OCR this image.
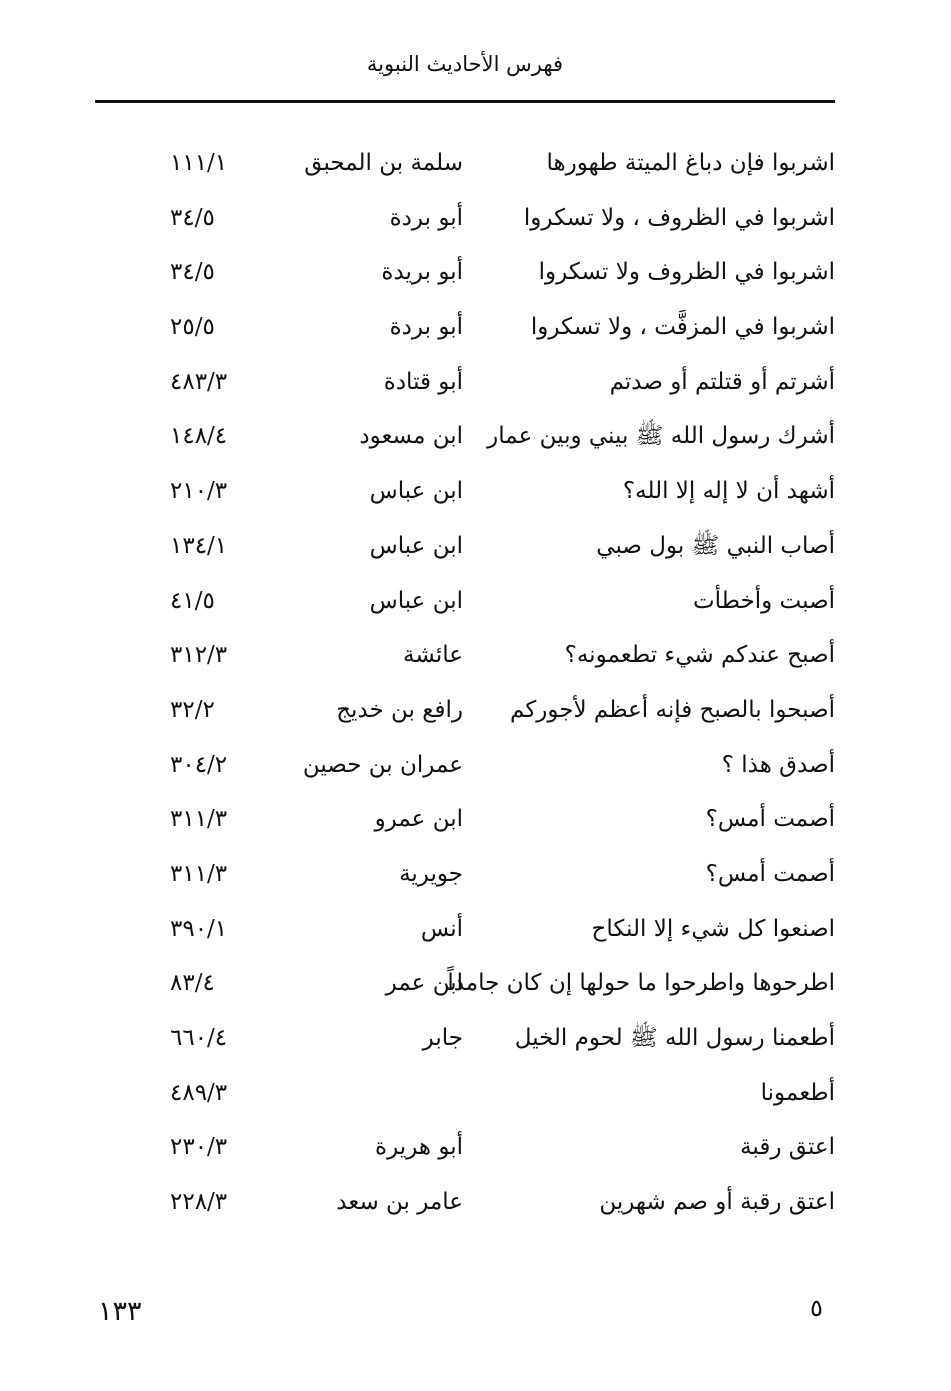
فهرس الأحاديث النبوية
اشربوا فإن دباغ الميتة طهورها
سلمة بن المحبق
١١١/١
اشربوا في الظروف ، ولا تسكروا
أبو بردة
٣٤/٥
اشربوا في الظروف ولا تسكروا
أبو بريدة
٣٤/٥
اشربوا في المزفَّت ، ولا تسكروا
أبو بردة
٢٥/٥
أشرتم أو قتلتم أو صدتم
أبو قتادة
٤٨٣/٣
أشرك رسول الله ﷺ بيني وبين عمار
ابن مسعود
١٤٨/٤
أشهد أن لا إله إلا الله؟
ابن عباس
٢١٠/٣
أصاب النبي ﷺ بول صبي
ابن عباس
١٣٤/١
أصبت وأخطأت
ابن عباس
٤١/٥
أصبح عندكم شيء تطعمونه؟
عائشة
٣١٢/٣
أصبحوا بالصبح فإنه أعظم لأجوركم
رافع بن خديج
٣٢/٢
أصدق هذا ؟
عمران بن حصين
٣٠٤/٢
أصمت أمس؟
ابن عمرو
٣١١/٣
أصمت أمس؟
جويرية
٣١١/٣
اصنعوا كل شيء إلا النكاح
أنس
٣٩٠/١
اطرحوها واطرحوا ما حولها إن كان جامداً
ابن عمر
٨٣/٤
أطعمنا رسول الله ﷺ لحوم الخيل
جابر
٦٦٠/٤
أطعمونا
٤٨٩/٣
اعتق رقبة
أبو هريرة
٢٣٠/٣
اعتق رقبة أو صم شهرين
عامر بن سعد
٢٢٨/٣
١٣٣	٥
